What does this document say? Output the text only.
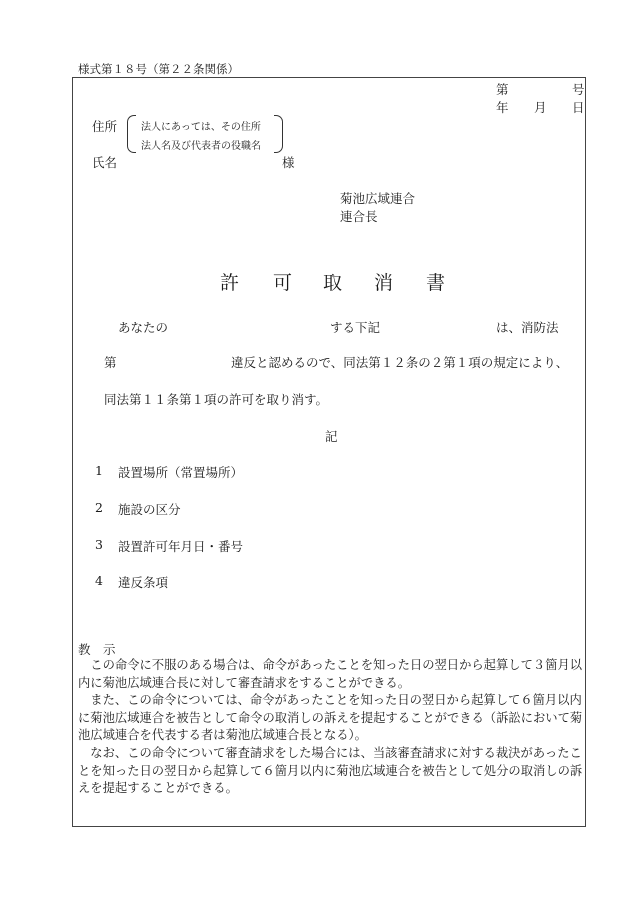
様式第１８号（第２２条関係）
第	号
年 月 日
住所 法人にあっては、その住所
法人名及び代表者の役職名
氏名	様
菊池広域連合
連合長
許 可 取 消 書
あなたの	する下記	は、消防法
第	違反と認めるので、同法第１２条の２第１項の規定により、
同法第１１条第１項の許可を取り消す。
記
1 設置場所（常置場所）
2 施設の区分
3 設置許可年月日・番号
4 違反条項
教　示

この命令に不服のある場合は、命令があったことを知った日の翌日から起算して３箇月以内に菊池広域連合長に対して審査請求をすることができる。

また、この命令については、命令があったことを知った日の翌日から起算して６箇月以内に菊池広域連合を被告として命令の取消しの訴えを提起することができる（訴訟において菊池広域連合を代表する者は菊池広域連合長となる）。

なお、この命令について審査請求をした場合には、当該審査請求に対する裁決があったことを知った日の翌日から起算して６箇月以内に菊池広域連合を被告として処分の取消しの訴えを提起することができる。
